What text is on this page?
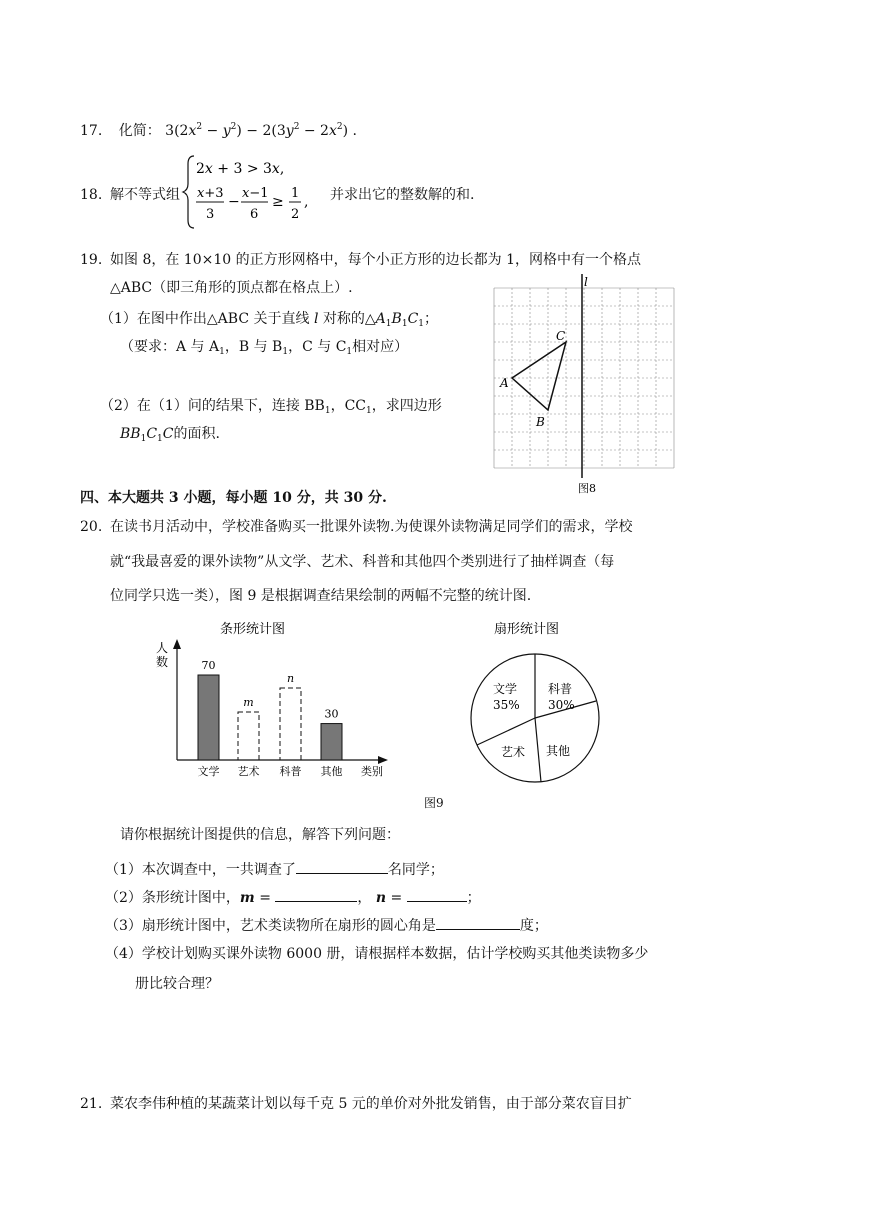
17. 化简： $3(2x^2 - y^2) - 2(3y^2 - 2x^2)$ .
18. 解不等式组
2x + 3 > 3x,
x+3
3
−
x−1
6
≥
1
2
, 并求出它的整数解的和.
19. 如图 8，在 10×10 的正方形网格中，每个小正方形的边长都为 1，网格中有一个格点
△ABC（即三角形的顶点都在格点上）.
（1）在图中作出△ABC 关于直线 l 对称的$\triangle A_1B_1C_1$；
（要求：A 与 $A_1$，B 与 $B_1$，C 与 $C_1$相对应）
（2）在（1）问的结果下，连接 $BB_1$，$CC_1$，求四边形
$BB_1C_1C$的面积.
l
A
B
C
图8
四、本大题共 3 小题，每小题 10 分，共 30 分.
20. 在读书月活动中，学校准备购买一批课外读物.为使课外读物满足同学们的需求，学校
就“我最喜爱的课外读物”从文学、艺术、科普和其他四个类别进行了抽样调查（每
位同学只选一类），图 9 是根据调查结果绘制的两幅不完整的统计图.
条形统计图
人
数	70
文学
m
艺术
n
科普
30
其他 类别
扇形统计图
文学
35%
科普
30%
其他
艺术
图9
请你根据统计图提供的信息，解答下列问题：
（1）本次调查中，一共调查了	名同学；
（2）条形统计图中，m =	， n =	；
（3）扇形统计图中，艺术类读物所在扇形的圆心角是	度；
（4）学校计划购买课外读物 6000 册，请根据样本数据，估计学校购买其他类读物多少
册比较合理？
21. 菜农李伟种植的某蔬菜计划以每千克 5 元的单价对外批发销售，由于部分菜农盲目扩
